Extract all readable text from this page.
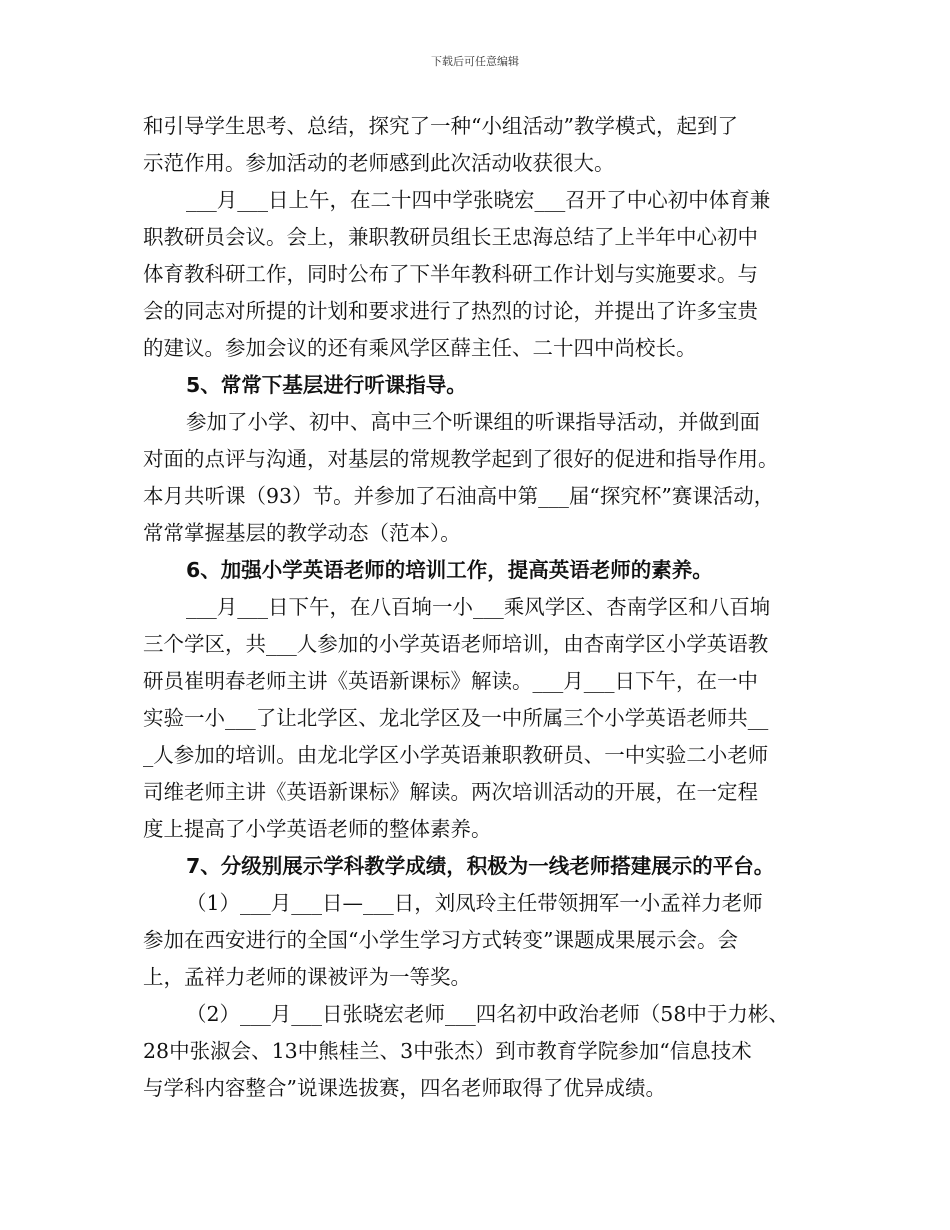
下载后可任意编辑
和引导学生思考、总结，探究了一种“小组活动”教学模式，起到了
示范作用。参加活动的老师感到此次活动收获很大。
___月___日上午，在二十四中学张晓宏___召开了中心初中体育兼
职教研员会议。会上，兼职教研员组长王忠海总结了上半年中心初中
体育教科研工作，同时公布了下半年教科研工作计划与实施要求。与
会的同志对所提的计划和要求进行了热烈的讨论，并提出了许多宝贵
的建议。参加会议的还有乘风学区薛主任、二十四中尚校长。
5、常常下基层进行听课指导。
参加了小学、初中、高中三个听课组的听课指导活动，并做到面
对面的点评与沟通，对基层的常规教学起到了很好的促进和指导作用。
本月共听课（93）节。并参加了石油高中第___届“探究杯”赛课活动，
常常掌握基层的教学动态（范本）。
6、加强小学英语老师的培训工作，提高英语老师的素养。
___月___日下午，在八百垧一小___乘风学区、杏南学区和八百垧
三个学区，共___人参加的小学英语老师培训，由杏南学区小学英语教
研员崔明春老师主讲《英语新课标》解读。___月___日下午，在一中
实验一小___了让北学区、龙北学区及一中所属三个小学英语老师共__
_人参加的培训。由龙北学区小学英语兼职教研员、一中实验二小老师
司维老师主讲《英语新课标》解读。两次培训活动的开展，在一定程
度上提高了小学英语老师的整体素养。
7、分级别展示学科教学成绩，积极为一线老师搭建展示的平台。
（1）___月___日—___日，刘凤玲主任带领拥军一小孟祥力老师
参加在西安进行的全国“小学生学习方式转变”课题成果展示会。会
上，孟祥力老师的课被评为一等奖。
（2）___月___日张晓宏老师___四名初中政治老师（58中于力彬、
28中张淑会、13中熊桂兰、3中张杰）到市教育学院参加“信息技术
与学科内容整合”说课选拔赛，四名老师取得了优异成绩。
